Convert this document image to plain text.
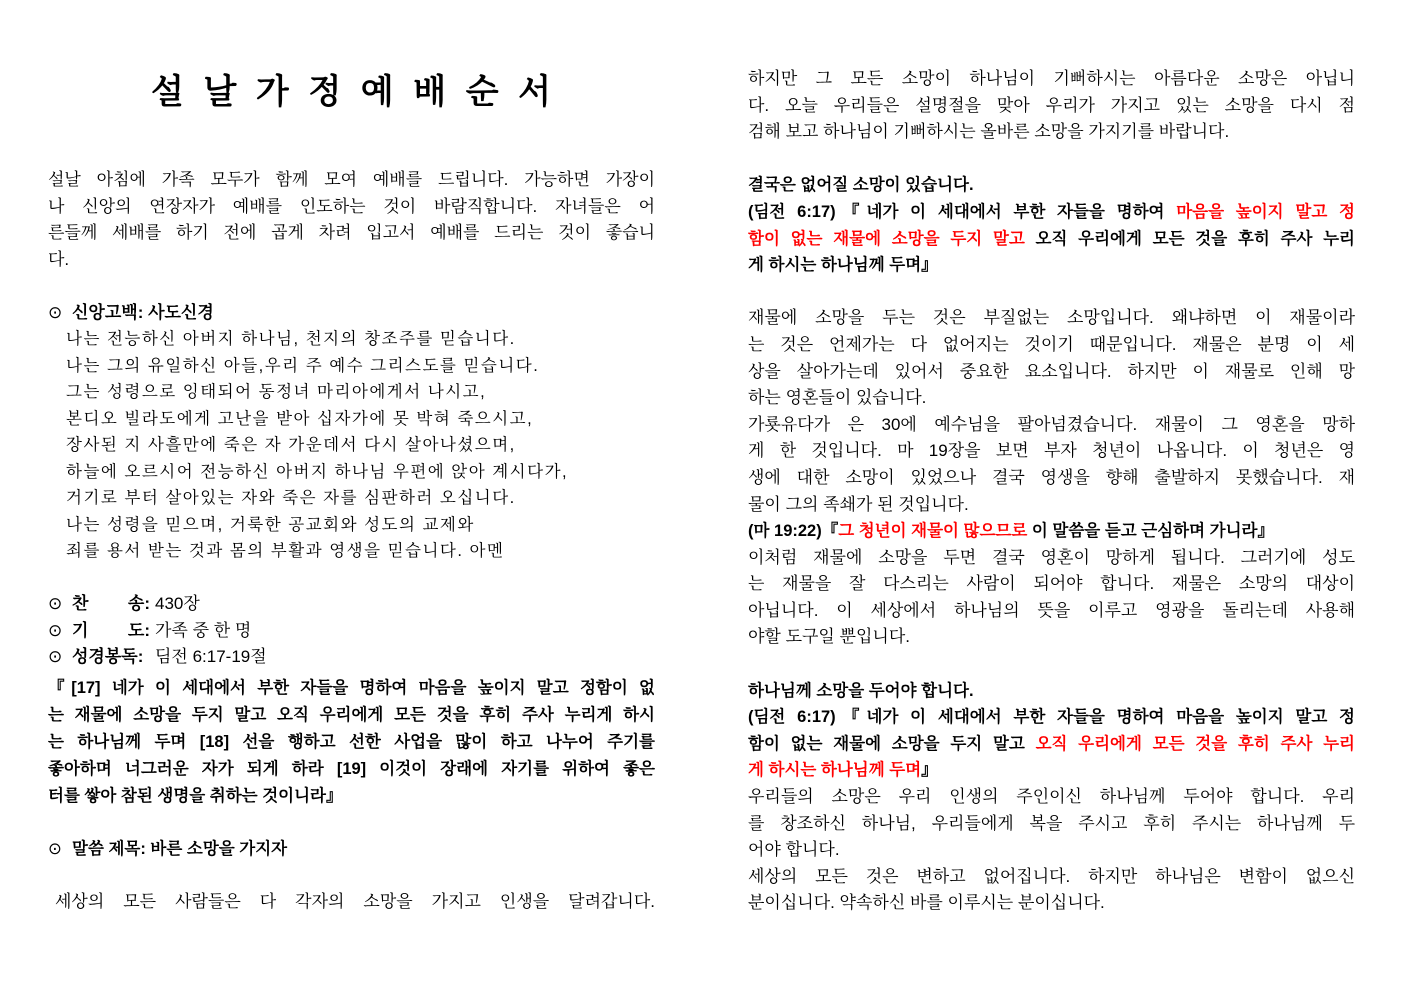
설 날 가 정 예 배 순 서
설날 아침에 가족 모두가 함께 모여 예배를 드립니다. 가능하면 가장이
나 신앙의 연장자가 예배를 인도하는 것이 바람직합니다. 자녀들은 어
른들께 세배를 하기 전에 곱게 차려 입고서 예배를 드리는 것이 좋습니
다.
⊙ 신앙고백: 사도신경
나는 전능하신 아버지 하나님, 천지의 창조주를 믿습니다.
나는 그의 유일하신 아들,우리 주 예수 그리스도를 믿습니다.
그는 성령으로 잉태되어 동정녀 마리아에게서 나시고,
본디오 빌라도에게 고난을 받아 십자가에 못 박혀 죽으시고,
장사된 지 사흘만에 죽은 자 가운데서 다시 살아나셨으며,
하늘에 오르시어 전능하신 아버지 하나님 우편에 앉아 계시다가,
거기로 부터 살아있는 자와 죽은 자를 심판하러 오십니다.
나는 성령을 믿으며, 거룩한 공교회와 성도의 교제와
죄를 용서 받는 것과 몸의 부활과 영생을 믿습니다. 아멘
⊙ 찬 송: 430장
⊙ 기 도: 가족 중 한 명
⊙ 성경봉독: 딤전 6:17-19절
『[17] 네가 이 세대에서 부한 자들을 명하여 마음을 높이지 말고 정함이 없
는 재물에 소망을 두지 말고 오직 우리에게 모든 것을 후히 주사 누리게 하시
는 하나님께 두며 [18] 선을 행하고 선한 사업을 많이 하고 나누어 주기를
좋아하며 너그러운 자가 되게 하라 [19] 이것이 장래에 자기를 위하여 좋은
터를 쌓아 참된 생명을 취하는 것이니라』
⊙ 말씀 제목: 바른 소망을 가지자
세상의 모든 사람들은 다 각자의 소망을 가지고 인생을 달려갑니다.
하지만 그 모든 소망이 하나님이 기뻐하시는 아름다운 소망은 아닙니
다. 오늘 우리들은 설명절을 맞아 우리가 가지고 있는 소망을 다시 점
검해 보고 하나님이 기뻐하시는 올바른 소망을 가지기를 바랍니다.
결국은 없어질 소망이 있습니다.
(딤전 6:17)『네가 이 세대에서 부한 자들을 명하여 마음을 높이지 말고 정
함이 없는 재물에 소망을 두지 말고 오직 우리에게 모든 것을 후히 주사 누리
게 하시는 하나님께 두며』
재물에 소망을 두는 것은 부질없는 소망입니다. 왜냐하면 이 재물이라
는 것은 언제가는 다 없어지는 것이기 때문입니다. 재물은 분명 이 세
상을 살아가는데 있어서 중요한 요소입니다. 하지만 이 재물로 인해 망
하는 영혼들이 있습니다.
가룟유다가 은 30에 예수님을 팔아넘겼습니다. 재물이 그 영혼을 망하
게 한 것입니다. 마 19장을 보면 부자 청년이 나옵니다. 이 청년은 영
생에 대한 소망이 있었으나 결국 영생을 향해 출발하지 못했습니다. 재
물이 그의 족쇄가 된 것입니다.
(마 19:22)『그 청년이 재물이 많으므로 이 말씀을 듣고 근심하며 가니라』
이처럼 재물에 소망을 두면 결국 영혼이 망하게 됩니다. 그러기에 성도
는 재물을 잘 다스리는 사람이 되어야 합니다. 재물은 소망의 대상이
아닙니다. 이 세상에서 하나님의 뜻을 이루고 영광을 돌리는데 사용해
야할 도구일 뿐입니다.
하나님께 소망을 두어야 합니다.
(딤전 6:17)『네가 이 세대에서 부한 자들을 명하여 마음을 높이지 말고 정
함이 없는 재물에 소망을 두지 말고 오직 우리에게 모든 것을 후히 주사 누리
게 하시는 하나님께 두며』
우리들의 소망은 우리 인생의 주인이신 하나님께 두어야 합니다. 우리
를 창조하신 하나님, 우리들에게 복을 주시고 후히 주시는 하나님께 두
어야 합니다.
세상의 모든 것은 변하고 없어집니다. 하지만 하나님은 변함이 없으신
분이십니다. 약속하신 바를 이루시는 분이십니다.
